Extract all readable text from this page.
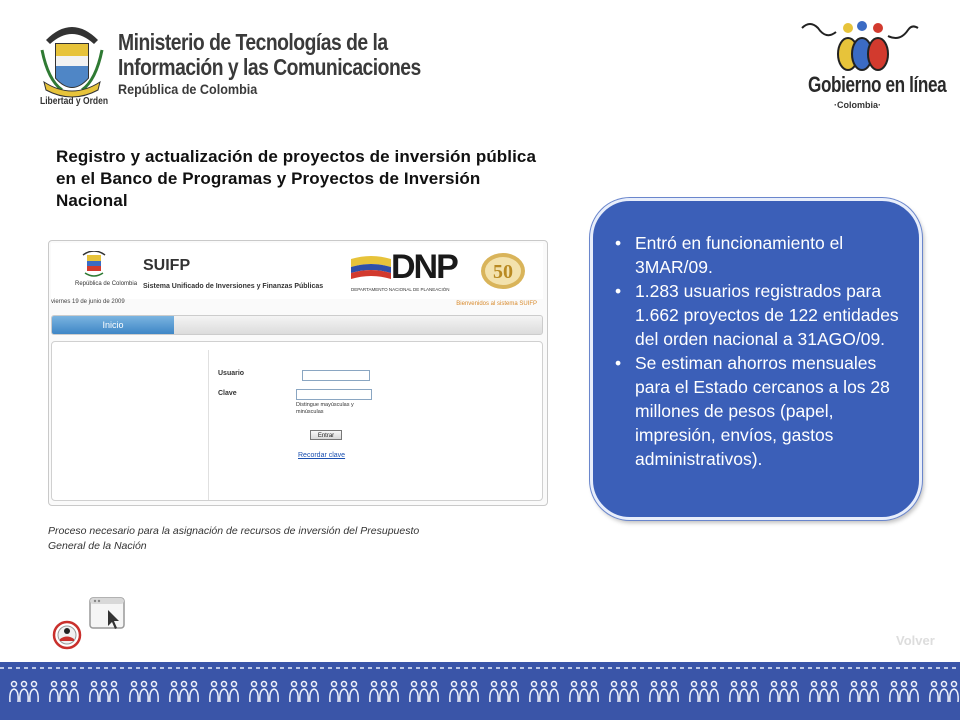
Ministerio de Tecnologías de la
Información y las Comunicaciones
República de Colombia
Libertad y Orden
Gobierno en línea
·Colombia·
Registro y actualización de proyectos de inversión pública en el Banco de Programas y Proyectos de Inversión Nacional
República de Colombia
SUIFP
Sistema Unificado de Inversiones y Finanzas Públicas
DNP
DEPARTAMENTO NACIONAL DE PLANEACIÓN
50
viernes 19 de junio de 2009	Bienvenidos al sistema SUIFP
Inicio
Usuario
Clave
Distingue mayúsculas y minúsculas
Entrar
Recordar clave
Proceso necesario para la asignación de recursos de inversión del Presupuesto General de la Nación
• Entró en funcionamiento el 3MAR/09.
• 1.283 usuarios registrados para 1.662 proyectos de 122 entidades del orden nacional a 31AGO/09.
• Se estiman ahorros mensuales para el Estado cercanos a los 28 millones de pesos (papel, impresión, envíos, gastos administrativos).
Volver
